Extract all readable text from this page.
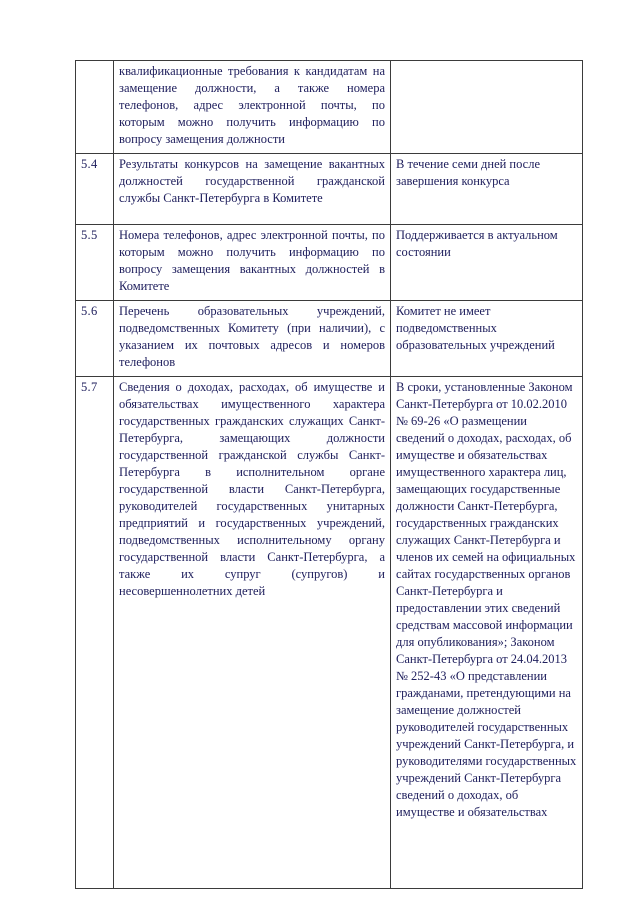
	квалификационные требования к кандидатам на замещение должности, а также номера телефонов, адрес электронной почты, по которым можно получить информацию по вопросу замещения должности	
5.4	Результаты конкурсов на замещение вакантных должностей государственной гражданской службы Санкт-Петербурга в Комитете	В течение семи дней после завершения конкурса
5.5	Номера телефонов, адрес электронной почты, по которым можно получить информацию по вопросу замещения вакантных должностей в Комитете	Поддерживается в актуальном состоянии
5.6	Перечень образовательных учреждений, подведомственных Комитету (при наличии), с указанием их почтовых адресов и номеров телефонов	Комитет не имеет подведомственных образовательных учреждений
5.7	Сведения о доходах, расходах, об имуществе и обязательствах имущественного характера государственных гражданских служащих Санкт-Петербурга, замещающих должности государственной гражданской службы Санкт-Петербурга в исполнительном органе государственной власти Санкт-Петербурга, руководителей государственных унитарных предприятий и государственных учреждений, подведомственных исполнительному органу государственной власти Санкт-Петербурга, а также их супруг (супругов) и несовершеннолетних детей	В сроки, установленные Законом Санкт-Петербурга от 10.02.2010 № 69-26 «О размещении сведений о доходах, расходах, об имуществе и обязательствах имущественного характера лиц, замещающих государственные должности Санкт-Петербурга, государственных гражданских служащих Санкт-Петербурга и членов их семей на официальных сайтах государственных органов Санкт-Петербурга и предоставлении этих сведений средствам массовой информации для опубликования»; Законом Санкт-Петербурга от 24.04.2013 № 252-43 «О представлении гражданами, претендующими на замещение должностей руководителей государственных учреждений Санкт-Петербурга, и руководителями государственных учреждений Санкт-Петербурга сведений о доходах, об имуществе и обязательствах
